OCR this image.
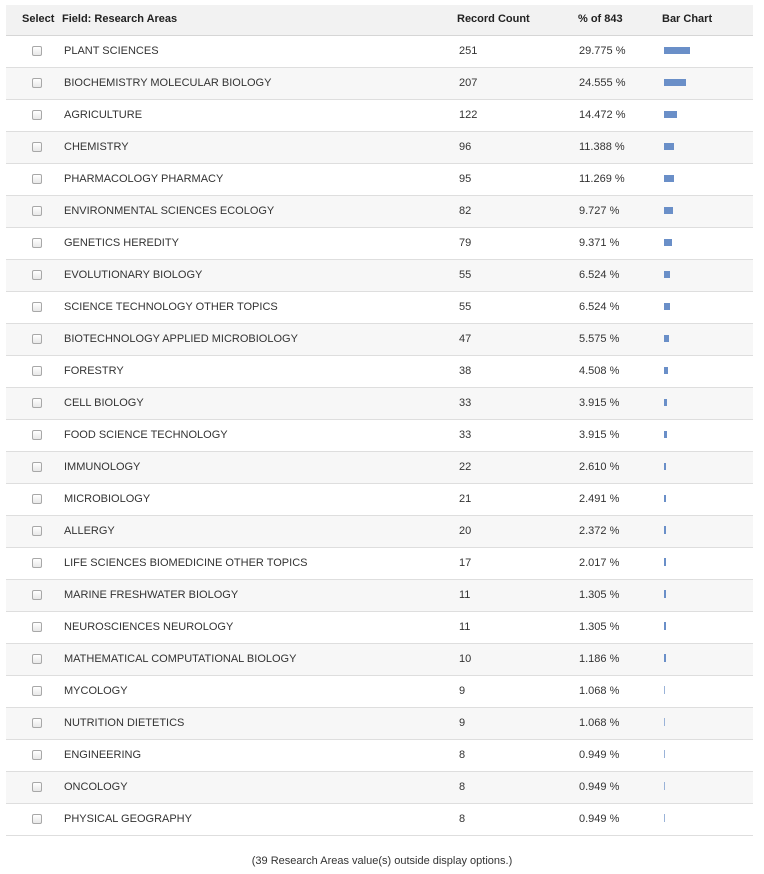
Select Field: Research Areas	Record Count	% of 843	Bar Chart
PLANT SCIENCES	251	29.775 %
BIOCHEMISTRY MOLECULAR BIOLOGY	207	24.555 %
AGRICULTURE	122	14.472 %
CHEMISTRY	96	11.388 %
PHARMACOLOGY PHARMACY	95	11.269 %
ENVIRONMENTAL SCIENCES ECOLOGY	82	9.727 %
GENETICS HEREDITY	79	9.371 %
EVOLUTIONARY BIOLOGY	55	6.524 %
SCIENCE TECHNOLOGY OTHER TOPICS	55	6.524 %
BIOTECHNOLOGY APPLIED MICROBIOLOGY	47	5.575 %
FORESTRY	38	4.508 %
CELL BIOLOGY	33	3.915 %
FOOD SCIENCE TECHNOLOGY	33	3.915 %
IMMUNOLOGY	22	2.610 %
MICROBIOLOGY	21	2.491 %
ALLERGY	20	2.372 %
LIFE SCIENCES BIOMEDICINE OTHER TOPICS	17	2.017 %
MARINE FRESHWATER BIOLOGY	11	1.305 %
NEUROSCIENCES NEUROLOGY	11	1.305 %
MATHEMATICAL COMPUTATIONAL BIOLOGY	10	1.186 %
MYCOLOGY	9	1.068 %
NUTRITION DIETETICS	9	1.068 %
ENGINEERING	8	0.949 %
ONCOLOGY	8	0.949 %
PHYSICAL GEOGRAPHY	8	0.949 %
(39 Research Areas value(s) outside display options.)
